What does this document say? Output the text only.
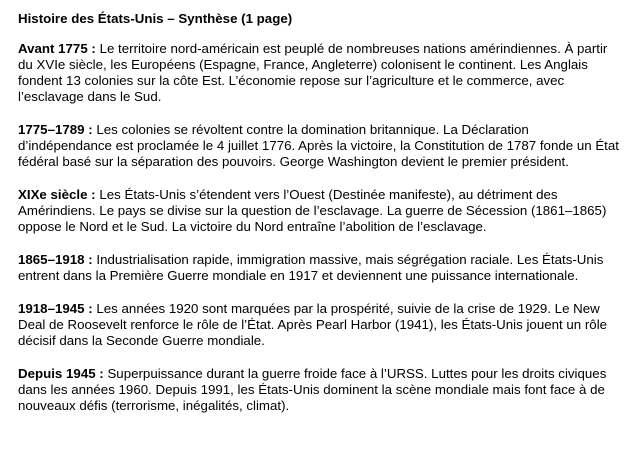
Histoire des États-Unis – Synthèse (1 page)

Avant 1775 : Le territoire nord-américain est peuplé de nombreuses nations amérindiennes. À partir du XVIe siècle, les Européens (Espagne, France, Angleterre) colonisent le continent. Les Anglais fondent 13 colonies sur la côte Est. L’économie repose sur l’agriculture et le commerce, avec l’esclavage dans le Sud.

1775–1789 : Les colonies se révoltent contre la domination britannique. La Déclaration d’indépendance est proclamée le 4 juillet 1776. Après la victoire, la Constitution de 1787 fonde un État fédéral basé sur la séparation des pouvoirs. George Washington devient le premier président.

XIXe siècle : Les États-Unis s’étendent vers l’Ouest (Destinée manifeste), au détriment des Amérindiens. Le pays se divise sur la question de l’esclavage. La guerre de Sécession (1861–1865) oppose le Nord et le Sud. La victoire du Nord entraîne l’abolition de l’esclavage.

1865–1918 : Industrialisation rapide, immigration massive, mais ségrégation raciale. Les États-Unis entrent dans la Première Guerre mondiale en 1917 et deviennent une puissance internationale.

1918–1945 : Les années 1920 sont marquées par la prospérité, suivie de la crise de 1929. Le New Deal de Roosevelt renforce le rôle de l’État. Après Pearl Harbor (1941), les États-Unis jouent un rôle décisif dans la Seconde Guerre mondiale.

Depuis 1945 : Superpuissance durant la guerre froide face à l’URSS. Luttes pour les droits civiques dans les années 1960. Depuis 1991, les États-Unis dominent la scène mondiale mais font face à de nouveaux défis (terrorisme, inégalités, climat).
